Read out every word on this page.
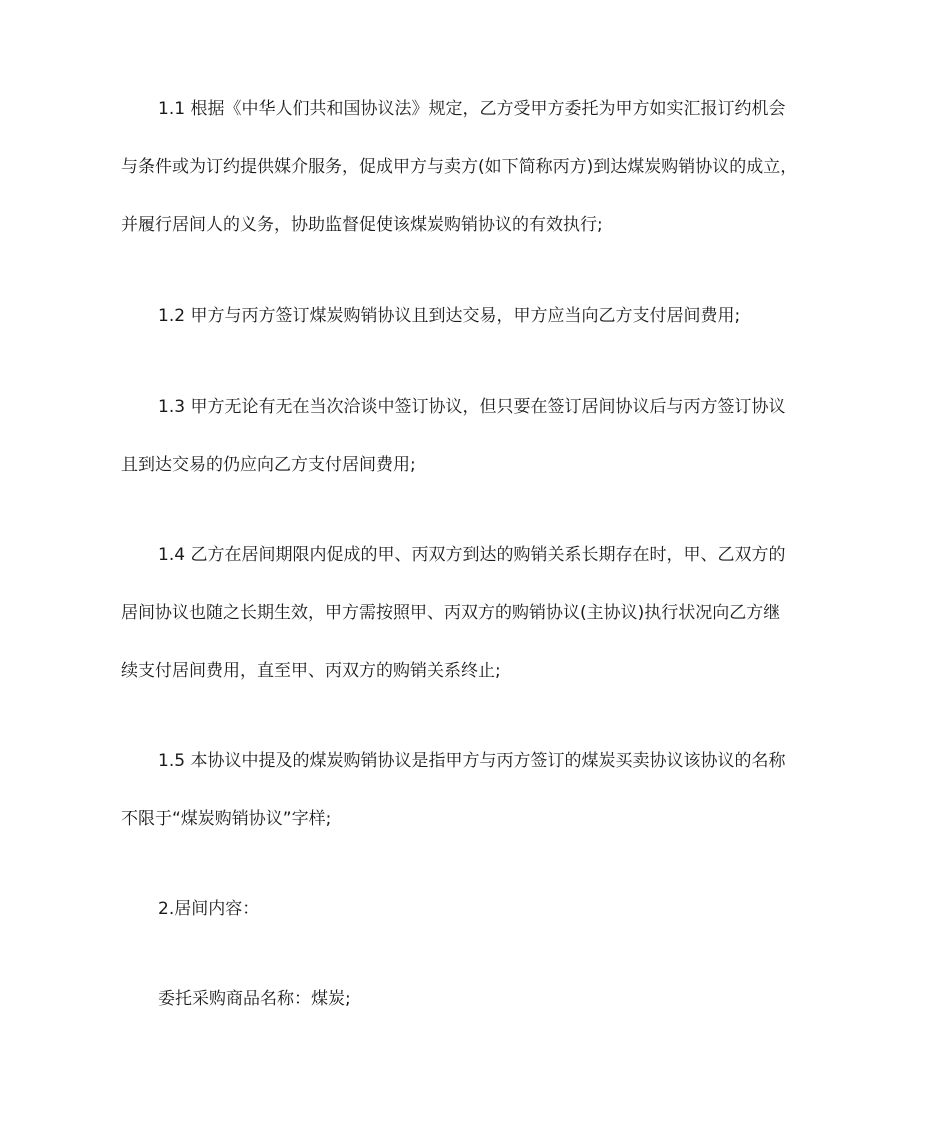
1.1 根据《中华人们共和国协议法》规定，乙方受甲方委托为甲方如实汇报订约机会
与条件或为订约提供媒介服务，促成甲方与卖方(如下简称丙方)到达煤炭购销协议的成立，
并履行居间人的义务，协助监督促使该煤炭购销协议的有效执行;
1.2 甲方与丙方签订煤炭购销协议且到达交易，甲方应当向乙方支付居间费用;
1.3 甲方无论有无在当次洽谈中签订协议，但只要在签订居间协议后与丙方签订协议
且到达交易的仍应向乙方支付居间费用;
1.4 乙方在居间期限内促成的甲、丙双方到达的购销关系长期存在时，甲、乙双方的
居间协议也随之长期生效，甲方需按照甲、丙双方的购销协议(主协议)执行状况向乙方继
续支付居间费用，直至甲、丙双方的购销关系终止;
1.5 本协议中提及的煤炭购销协议是指甲方与丙方签订的煤炭买卖协议该协议的名称
不限于“煤炭购销协议”字样;
2.居间内容：
委托采购商品名称：煤炭;
